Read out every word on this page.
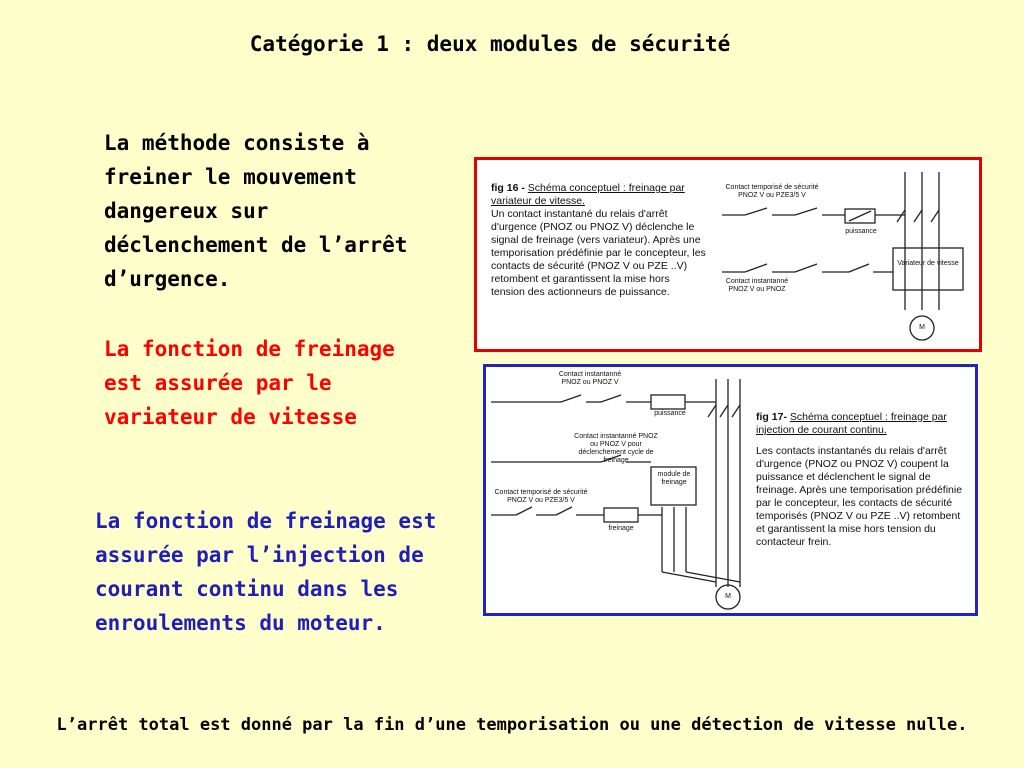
Catégorie 1 : deux modules de sécurité
La méthode consiste à freiner le mouvement dangereux sur déclenchement de l’arrêt d’urgence.
La fonction de freinage est assurée par le variateur de vitesse
La fonction de freinage est assurée par l’injection de courant continu dans les enroulements du moteur.
fig 16 - Schéma conceptuel : freinage par variateur de vitesse.
Un contact instantané du relais d'arrêt d'urgence (PNOZ ou PNOZ V) déclenche le signal de freinage (vers variateur). Après une temporisation prédéfinie par le concepteur, les contacts de sécurité (PNOZ V ou PZE ..V) retombent et garantissent la mise hors tension des actionneurs de puissance.
Contact temporisé de sécurité PNOZ V ou PZE3/5 V
puissance
Variateur de vitesse
Contact instantanné PNOZ V ou PNOZ
M
fig 17- Schéma conceptuel : freinage par injection de courant continu.
Les contacts instantanés du relais d'arrêt d'urgence (PNOZ ou PNOZ V) coupent la puissance et déclenchent le signal de freinage. Après une temporisation prédéfinie par le concepteur, les contacts de sécurité temporisés (PNOZ V ou PZE ..V) retombent et garantissent la mise hors tension du contacteur frein.
Contact instantanné PNOZ ou PNOZ V
puissance
Contact instantanné PNOZ ou PNOZ V pour déclenchement cycle de freinage
module de freinage
Contact temporisé de sécurité PNOZ V ou PZE3/5 V
freinage
M
L’arrêt total est donné par la fin d’une temporisation ou une détection de vitesse nulle.
